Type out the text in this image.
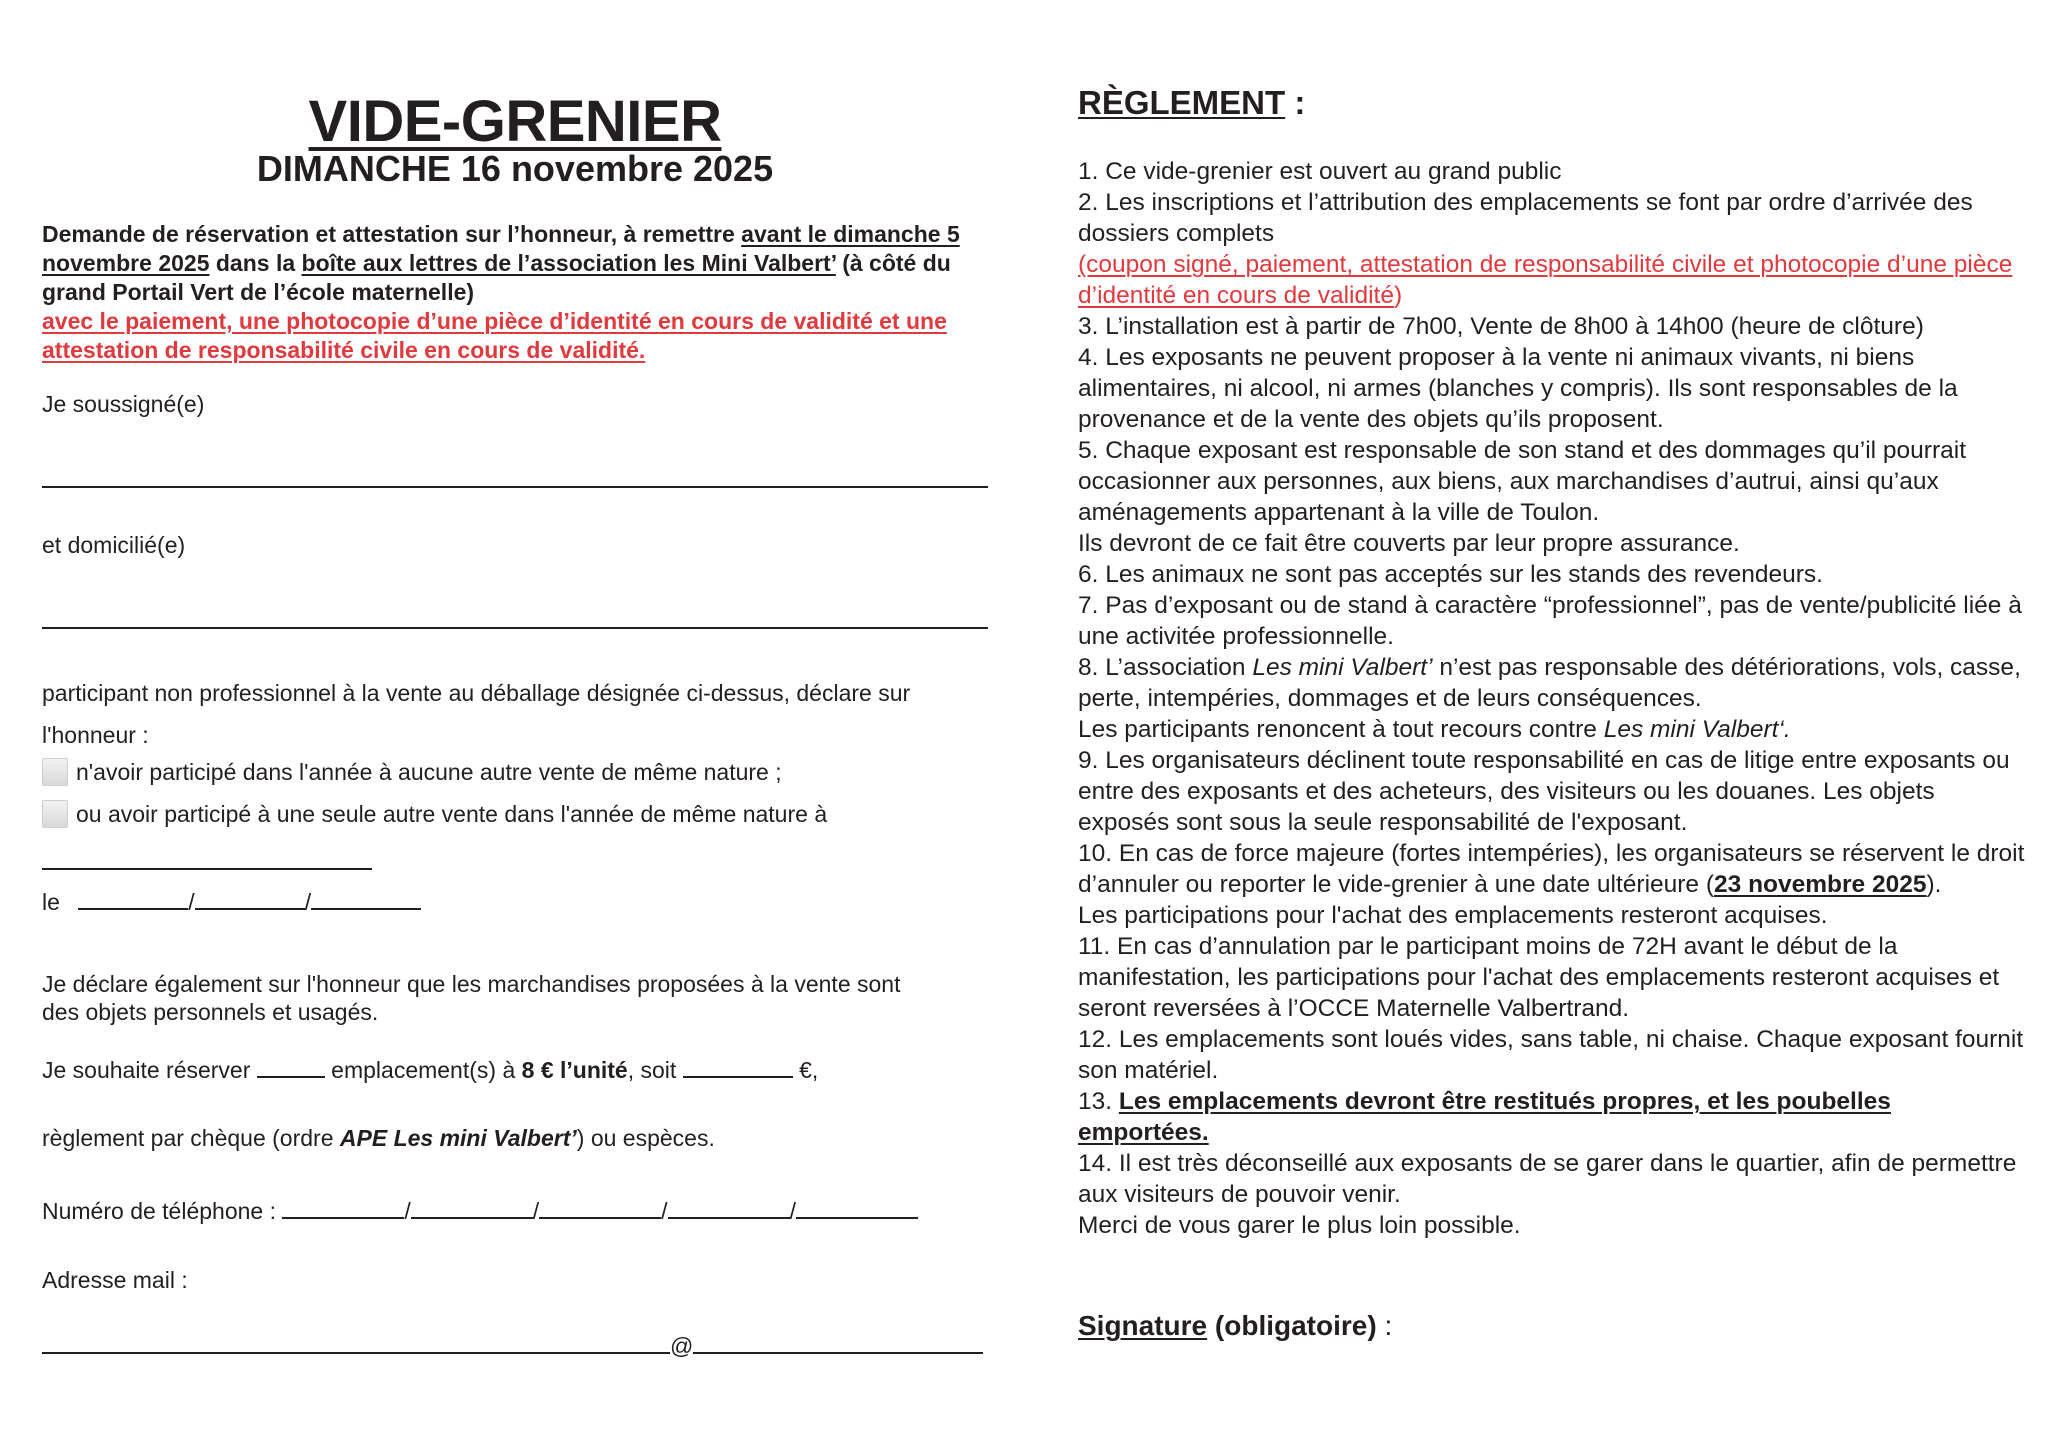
VIDE-GRENIER
DIMANCHE 16 novembre 2025
Demande de réservation et attestation sur l’honneur, à remettre avant le dimanche 5 novembre 2025 dans la boîte aux lettres de l’association les Mini Valbert’ (à côté du grand Portail Vert de l’école maternelle)
avec le paiement, une photocopie d’une pièce d’identité en cours de validité et une attestation de responsabilité civile en cours de validité.
Je soussigné(e)
et domicilié(e)
participant non professionnel à la vente au déballage désignée ci-dessus, déclare sur l'honneur :
n'avoir participé dans l'année à aucune autre vente de même nature ;
ou avoir participé à une seule autre vente dans l'année de même nature à
le	/	/
Je déclare également sur l'honneur que les marchandises proposées à la vente sont des objets personnels et usagés.
Je souhaite réserver	emplacement(s) à 8 € l’unité, soit	€,
règlement par chèque (ordre APE Les mini Valbert’) ou espèces.
Numéro de téléphone :	/	/	/	/
Adresse mail :
@
RÈGLEMENT :

1. Ce vide-grenier est ouvert au grand public

2. Les inscriptions et l’attribution des emplacements se font par ordre d’arrivée des dossiers complets
(coupon signé, paiement, attestation de responsabilité civile et photocopie d’une pièce d’identité en cours de validité)

3. L’installation est à partir de 7h00, Vente de 8h00 à 14h00 (heure de clôture)

4. Les exposants ne peuvent proposer à la vente ni animaux vivants, ni biens alimentaires, ni alcool, ni armes (blanches y compris). Ils sont responsables de la provenance et de la vente des objets qu’ils proposent.

5. Chaque exposant est responsable de son stand et des dommages qu’il pourrait occasionner aux personnes, aux biens, aux marchandises d’autrui, ainsi qu’aux aménagements appartenant à la ville de Toulon.

Ils devront de ce fait être couverts par leur propre assurance.

6. Les animaux ne sont pas acceptés sur les stands des revendeurs.

7. Pas d’exposant ou de stand à caractère “professionnel”, pas de vente/publicité liée à une activitée professionnelle.

8. L’association Les mini Valbert’ n’est pas responsable des détériorations, vols, casse, perte, intempéries, dommages et de leurs conséquences.

Les participants renoncent à tout recours contre Les mini Valbert‘.

9. Les organisateurs déclinent toute responsabilité en cas de litige entre exposants ou entre des exposants et des acheteurs, des visiteurs ou les douanes. Les objets exposés sont sous la seule responsabilité de l'exposant.

10. En cas de force majeure (fortes intempéries), les organisateurs se réservent le droit d’annuler ou reporter le vide-grenier à une date ultérieure (23 novembre 2025).

Les participations pour l'achat des emplacements resteront acquises.

11. En cas d’annulation par le participant moins de 72H avant le début de la manifestation, les participations pour l'achat des emplacements resteront acquises et seront reversées à l’OCCE Maternelle Valbertrand.

12. Les emplacements sont loués vides, sans table, ni chaise. Chaque exposant fournit son matériel.

13. Les emplacements devront être restitués propres, et les poubelles emportées.

14. Il est très déconseillé aux exposants de se garer dans le quartier, afin de permettre aux visiteurs de pouvoir venir.

Merci de vous garer le plus loin possible.

Signature (obligatoire) :
